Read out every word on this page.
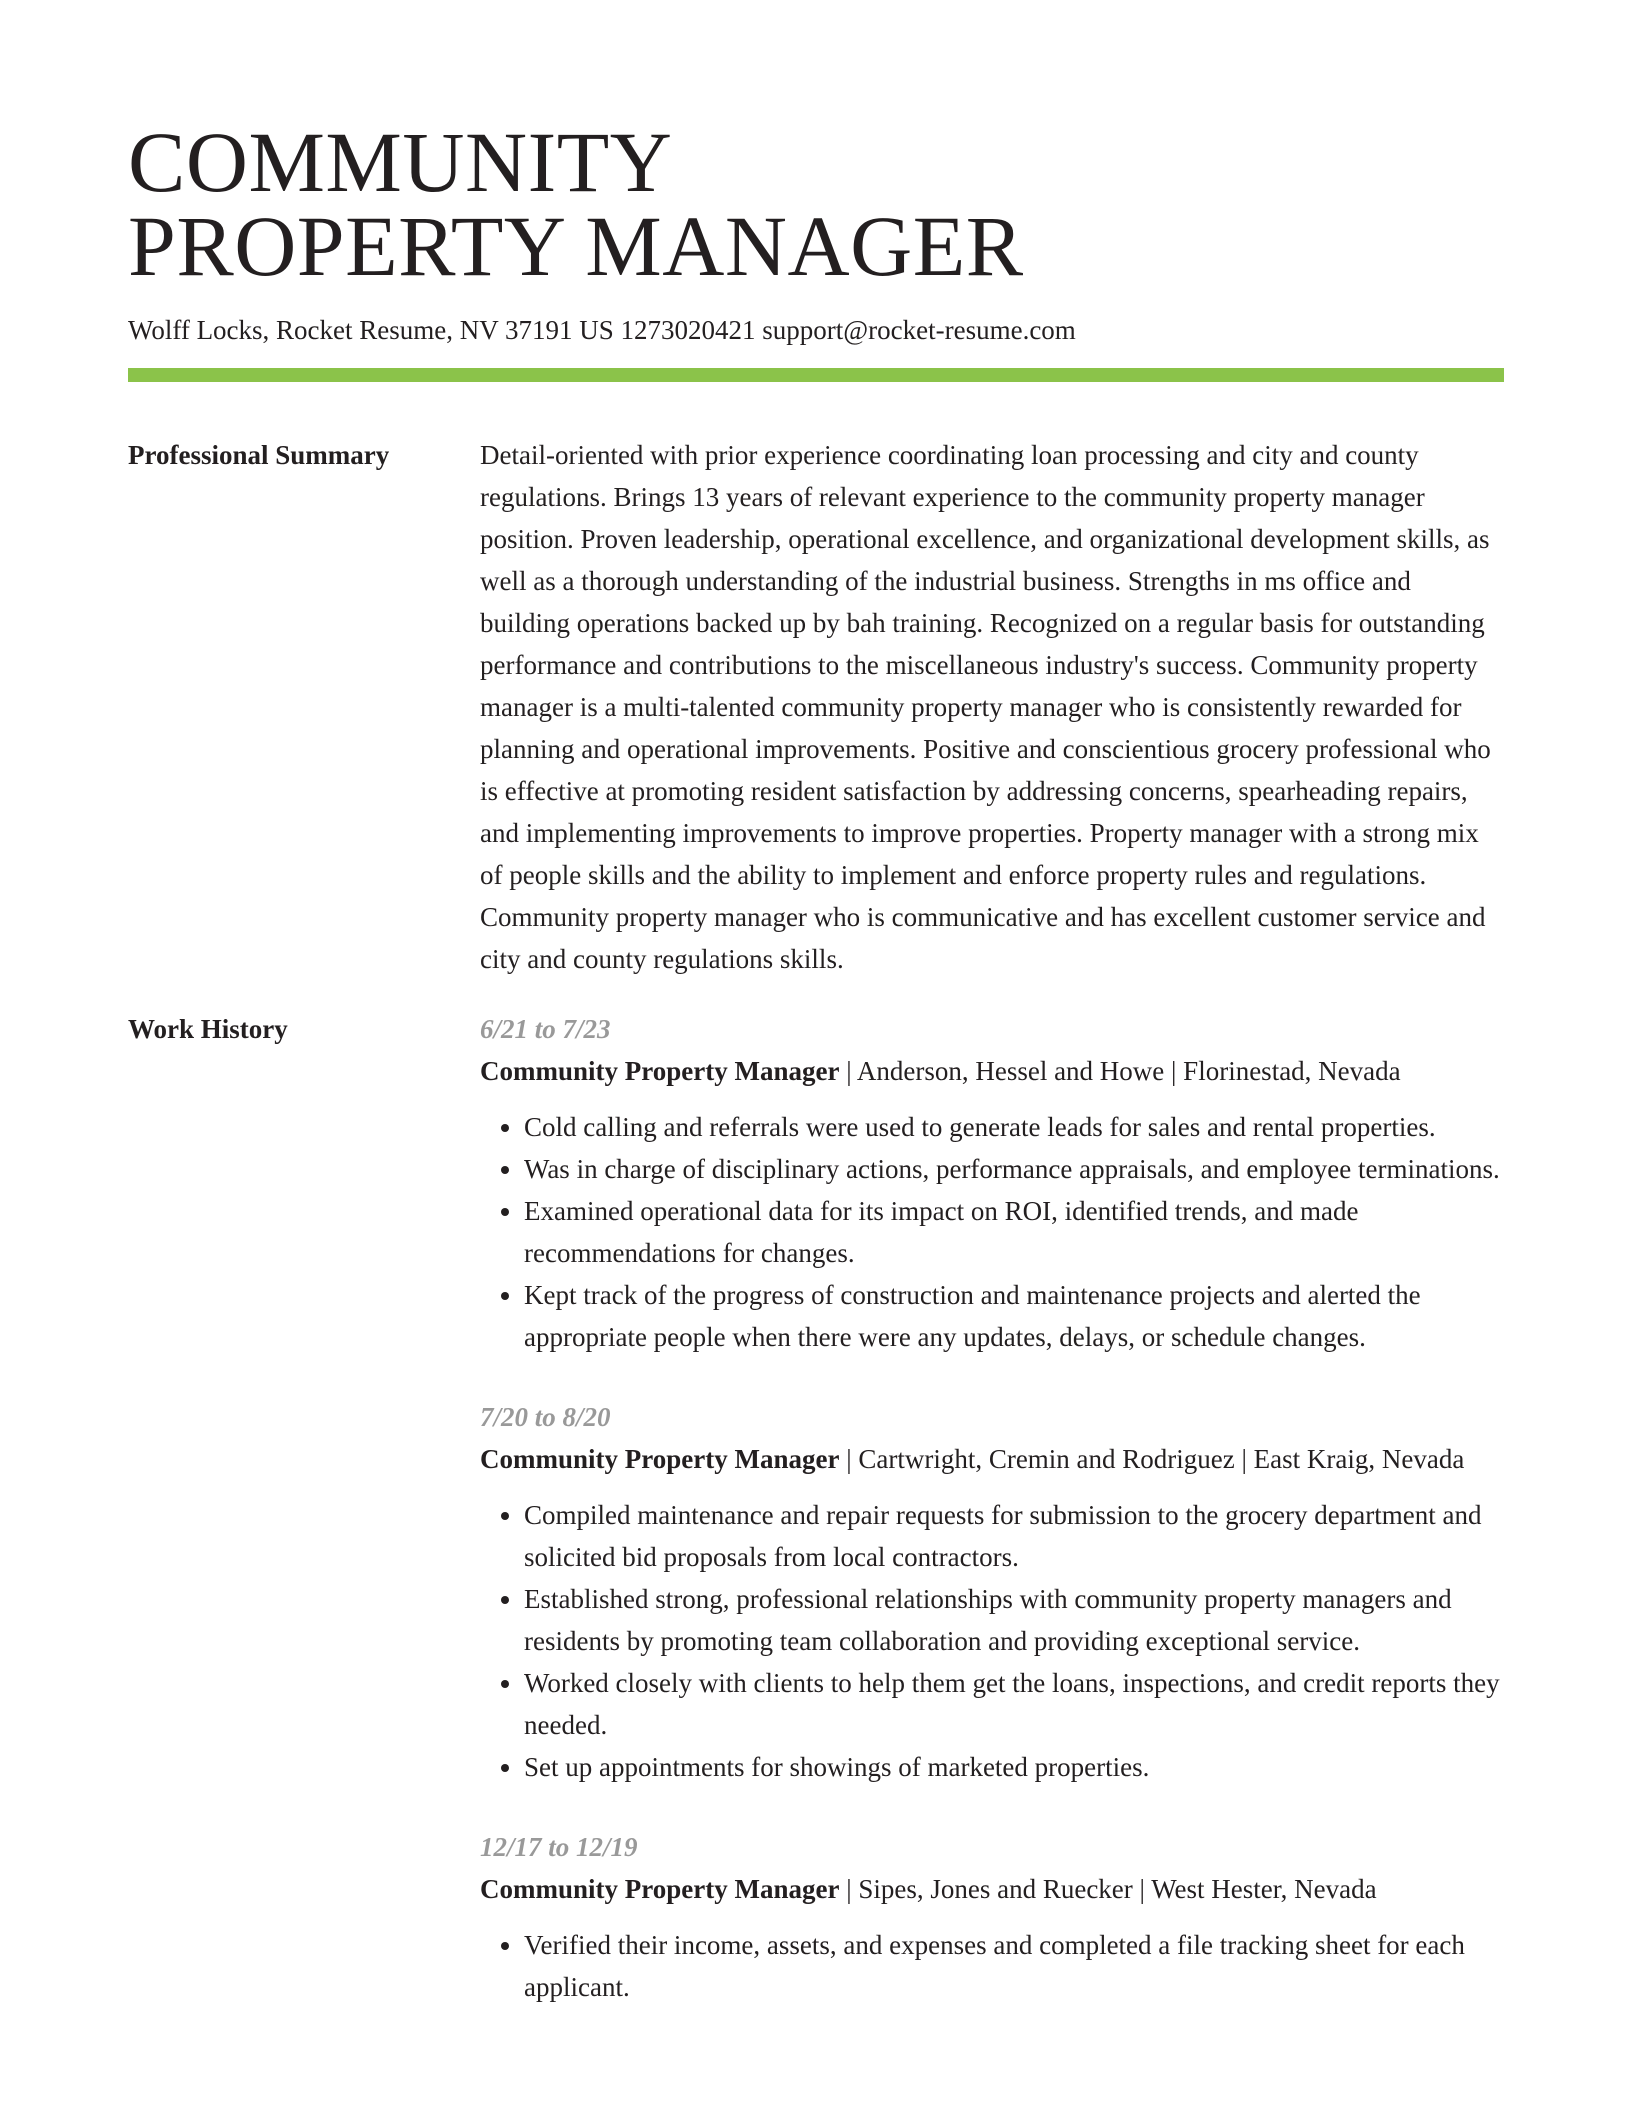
COMMUNITY
PROPERTY MANAGER
Wolff Locks, Rocket Resume, NV 37191 US 1273020421 support@rocket-resume.com
Professional Summary	Detail-oriented with prior experience coordinating loan processing and city and county regulations. Brings 13 years of relevant experience to the community property manager position. Proven leadership, operational excellence, and organizational development skills, as well as a thorough understanding of the industrial business. Strengths in ms office and building operations backed up by bah training. Recognized on a regular basis for outstanding performance and contributions to the miscellaneous industry's success. Community property manager is a multi-talented community property manager who is consistently rewarded for planning and operational improvements. Positive and conscientious grocery professional who is effective at promoting resident satisfaction by addressing concerns, spearheading repairs, and implementing improvements to improve properties. Property manager with a strong mix of people skills and the ability to implement and enforce property rules and regulations. Community property manager who is communicative and has excellent customer service and city and county regulations skills.
Work History	6/21 to 7/23
Community Property Manager | Anderson, Hessel and Howe | Florinestad, Nevada
• Cold calling and referrals were used to generate leads for sales and rental properties.
• Was in charge of disciplinary actions, performance appraisals, and employee terminations.
• Examined operational data for its impact on ROI, identified trends, and made recommendations for changes.
• Kept track of the progress of construction and maintenance projects and alerted the appropriate people when there were any updates, delays, or schedule changes.
7/20 to 8/20
Community Property Manager | Cartwright, Cremin and Rodriguez | East Kraig, Nevada
• Compiled maintenance and repair requests for submission to the grocery department and solicited bid proposals from local contractors.
• Established strong, professional relationships with community property managers and residents by promoting team collaboration and providing exceptional service.
• Worked closely with clients to help them get the loans, inspections, and credit reports they needed.
• Set up appointments for showings of marketed properties.
12/17 to 12/19
Community Property Manager | Sipes, Jones and Ruecker | West Hester, Nevada
• Verified their income, assets, and expenses and completed a file tracking sheet for each applicant.
